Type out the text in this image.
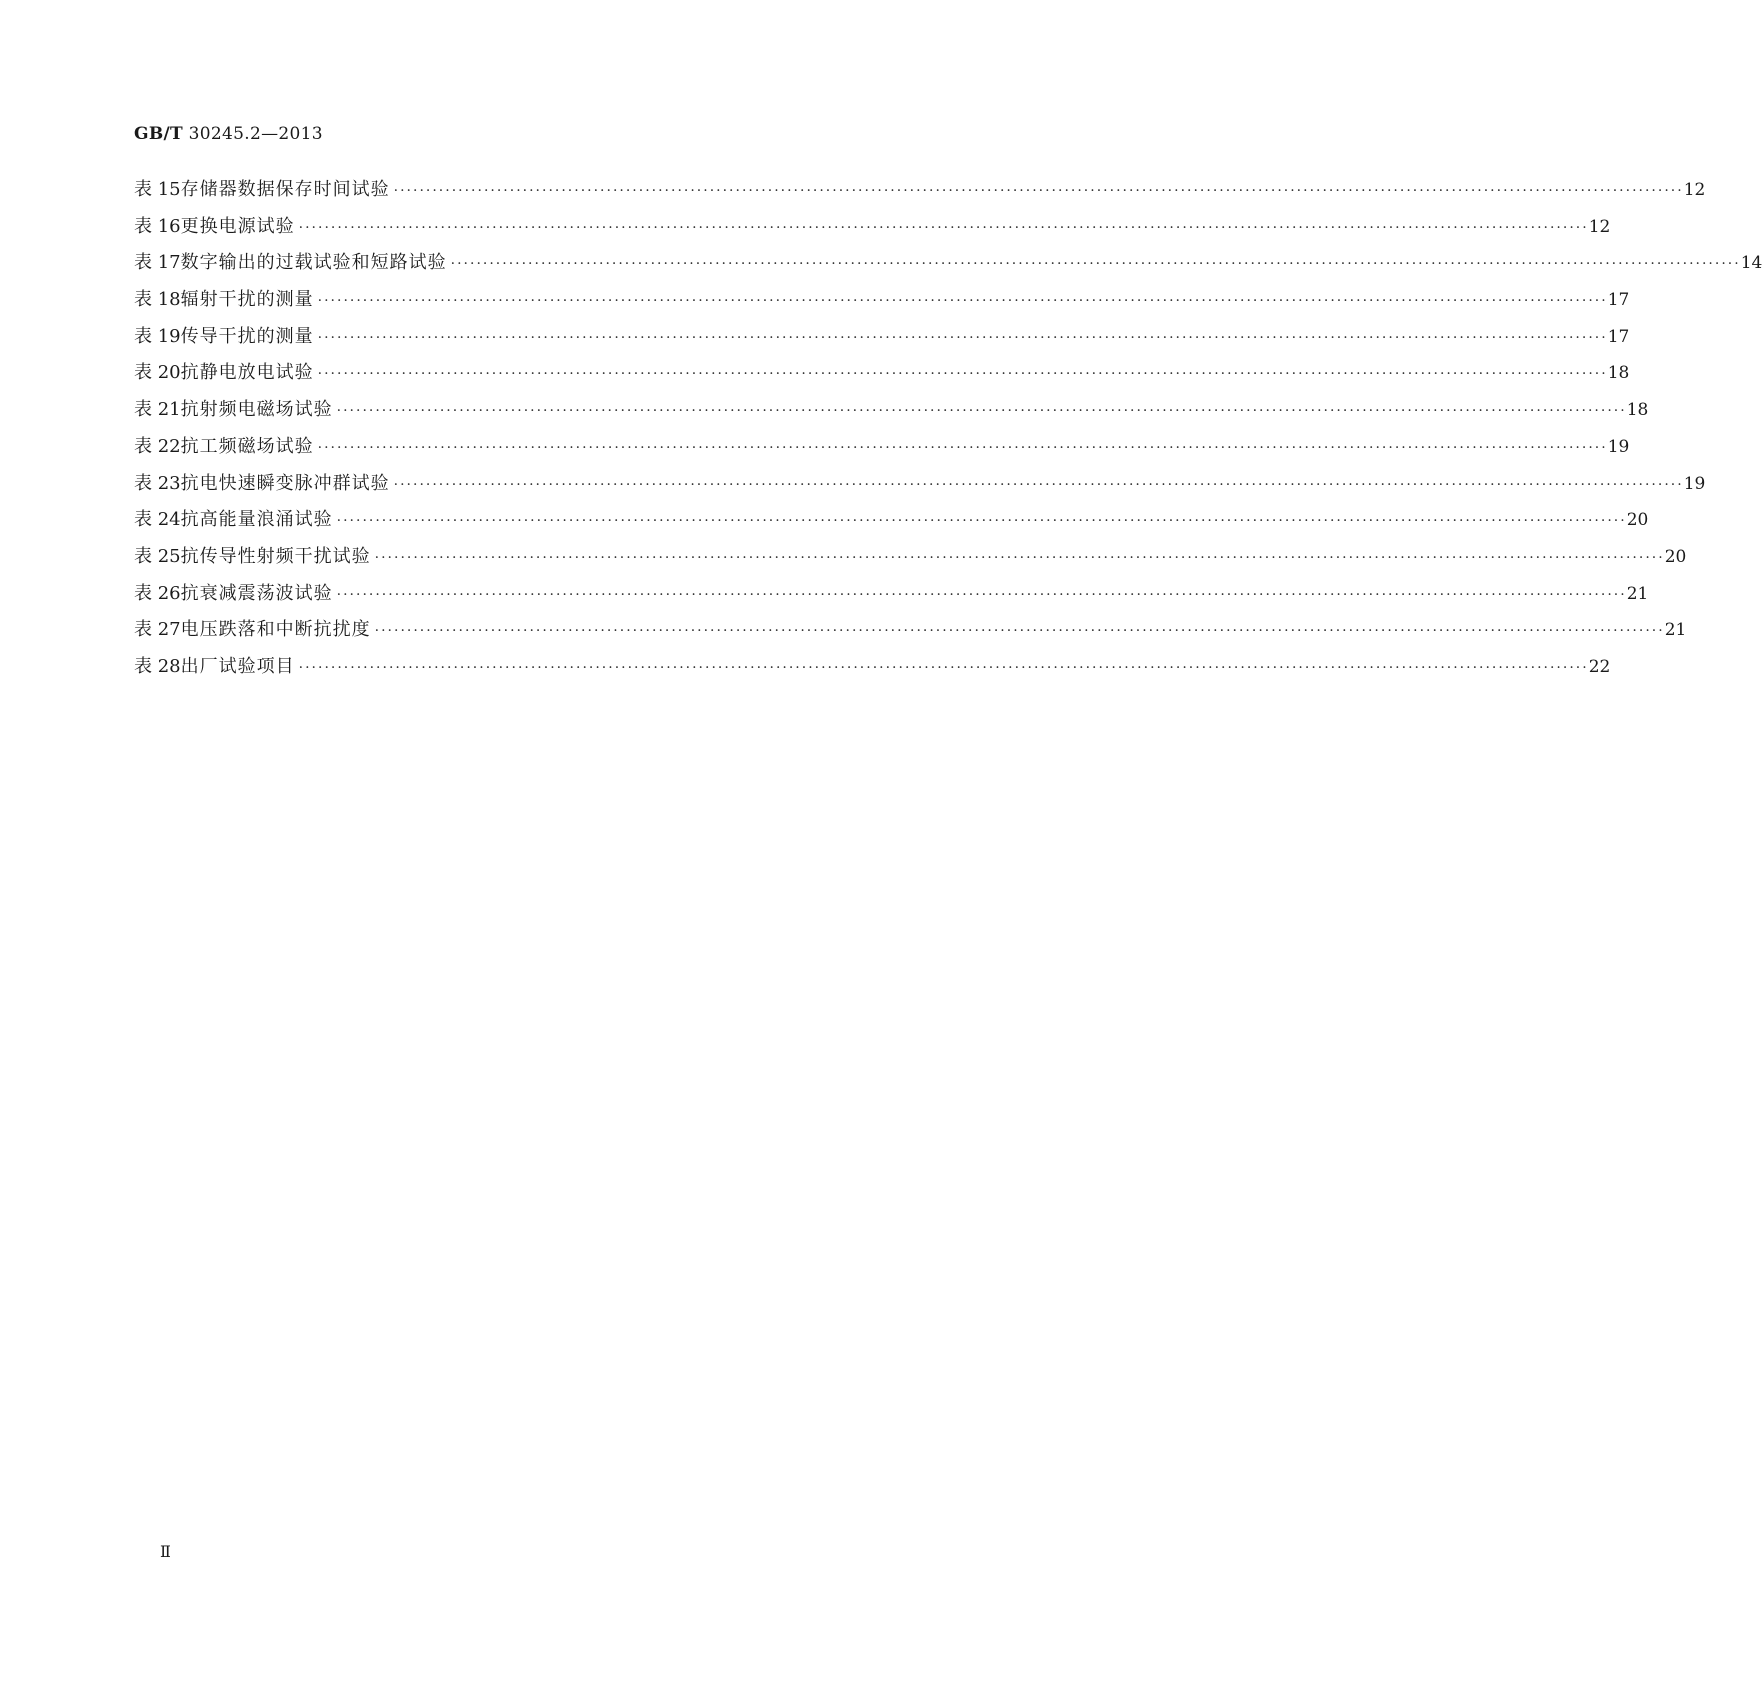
GB/T 30245.2—2013
表 15 存储器数据保存时间试验 ········································································································································································································ 12
表 16 更换电源试验 ········································································································································································································ 12
表 17 数字输出的过载试验和短路试验 ········································································································································································································ 14
表 18 辐射干扰的测量 ········································································································································································································ 17
表 19 传导干扰的测量 ········································································································································································································ 17
表 20 抗静电放电试验 ········································································································································································································ 18
表 21 抗射频电磁场试验 ········································································································································································································ 18
表 22 抗工频磁场试验 ········································································································································································································ 19
表 23 抗电快速瞬变脉冲群试验 ········································································································································································································ 19
表 24 抗高能量浪涌试验 ········································································································································································································ 20
表 25 抗传导性射频干扰试验 ········································································································································································································ 20
表 26 抗衰减震荡波试验 ········································································································································································································ 21
表 27 电压跌落和中断抗扰度 ········································································································································································································ 21
表 28 出厂试验项目 ········································································································································································································ 22
Ⅱ
